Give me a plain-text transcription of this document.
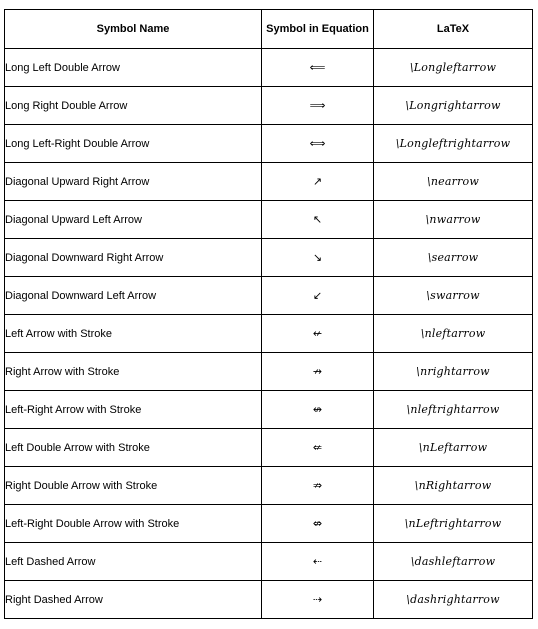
Symbol Name	Symbol in Equation	LaTeX
Long Left Double Arrow	⟸	\Longleftarrow
Long Right Double Arrow	⟹	\Longrightarrow
Long Left-Right Double Arrow	⟺	\Longleftrightarrow
Diagonal Upward Right Arrow	↗	\nearrow
Diagonal Upward Left Arrow	↖	\nwarrow
Diagonal Downward Right Arrow	↘	\searrow
Diagonal Downward Left Arrow	↙	\swarrow
Left Arrow with Stroke	↚	\nleftarrow
Right Arrow with Stroke	↛	\nrightarrow
Left-Right Arrow with Stroke	↮	\nleftrightarrow
Left Double Arrow with Stroke	⇍	\nLeftarrow
Right Double Arrow with Stroke	⇏	\nRightarrow
Left-Right Double Arrow with Stroke	⇎	\nLeftrightarrow
Left Dashed Arrow	⇠	\dashleftarrow
Right Dashed Arrow	⇢	\dashrightarrow
